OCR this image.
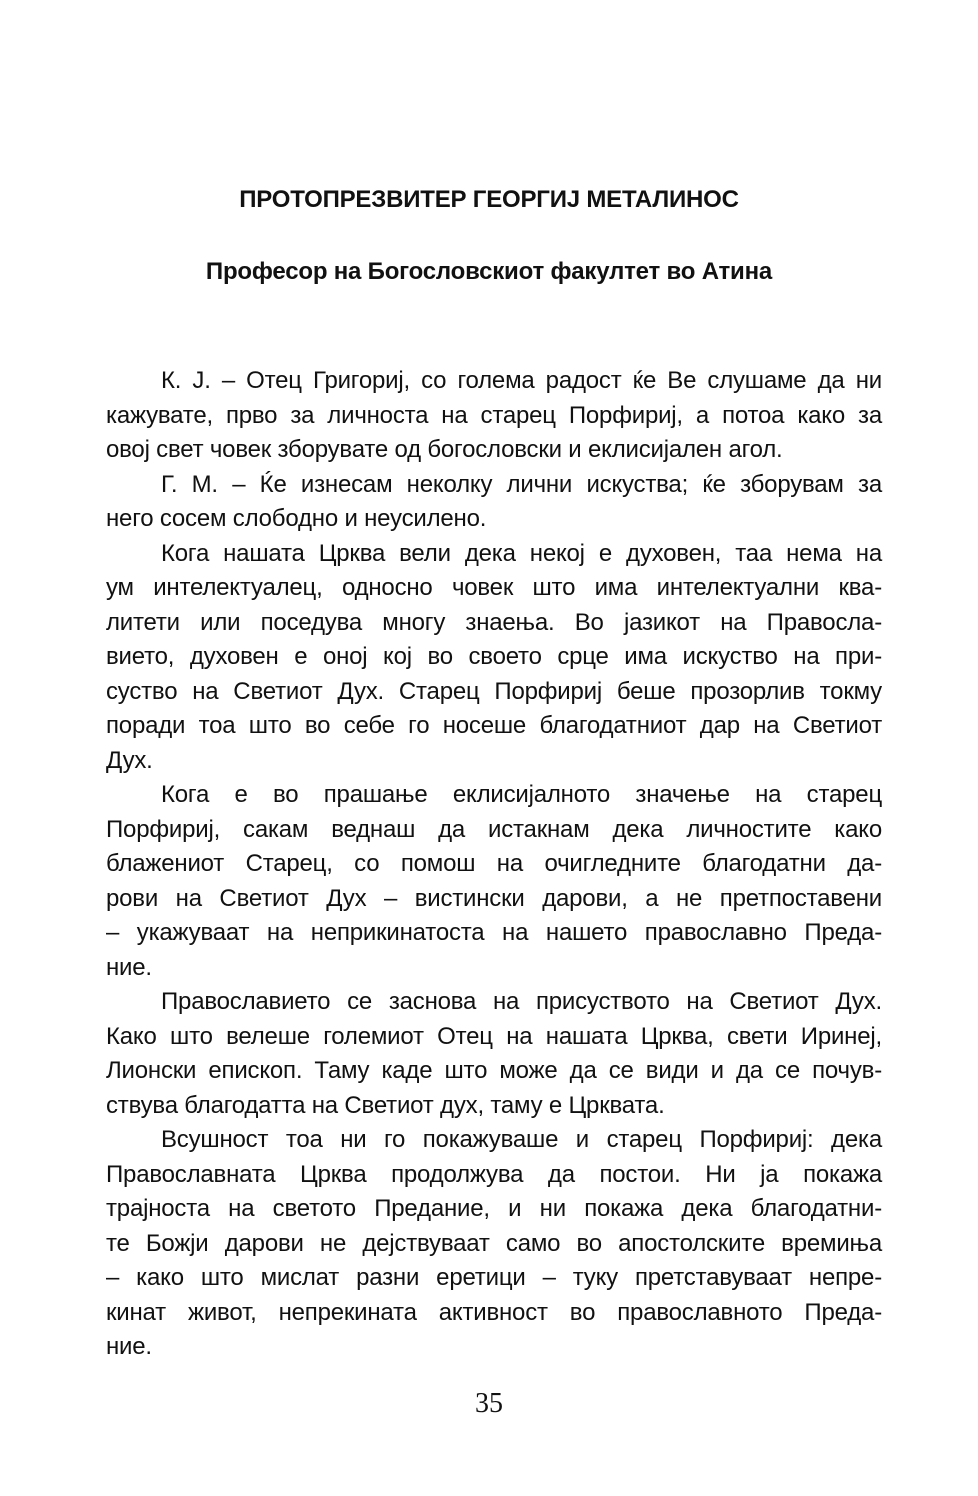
ПРОТОПРЕЗВИТЕР ГЕОРГИЈ МЕТАЛИНОС
Професор на Богословскиот факултет во Атина
К. Ј. – Отец Григориј, со голема радост ќе Ве слушаме да ни
кажувате, прво за личноста на старец Порфириј, а потоа како за
овој свет човек зборувате од богословски и еклисијален агол.
Г. М. – Ќе изнесам неколку лични искуства; ќе зборувам за
него сосем слободно и неусилено.
Кога нашата Црква вели дека некој е духовен, таа нема на
ум интелектуалец, односно човек што има интелектуални ква-
литети или поседува многу знаења. Во јазикот на Правосла-
вието, духовен е оној кој во своето срце има искуство на при-
суство на Светиот Дух. Старец Порфириј беше прозорлив токму
поради тоа што во себе го носеше благодатниот дар на Светиот
Дух.
Кога е во прашање еклисијалното значење на старец
Порфириј, сакам веднаш да истакнам дека личностите како
блажениот Старец, со помош на очигледните благодатни да-
рови на Светиот Дух – вистински дарови, а не претпоставени
– укажуваат на неприкинатоста на нашето православно Преда-
ние.
Православието се заснова на присуството на Светиот Дух.
Како што велеше големиот Отец на нашата Црква, свети Иринеј,
Лионски епископ. Таму каде што може да се види и да се почув-
ствува благодатта на Светиот дух, таму е Црквата.
Всушност тоа ни го покажуваше и старец Порфириј: дека
Православната Црква продолжува да постои. Ни ја покажа
трајноста на светото Предание, и ни покажа дека благодатни-
те Божји дарови не дејствуваат само во апостолските времиња
– како што мислат разни еретици – туку претставуваат непре-
кинат живот, непрекината активност во православното Преда-
ние.
35
